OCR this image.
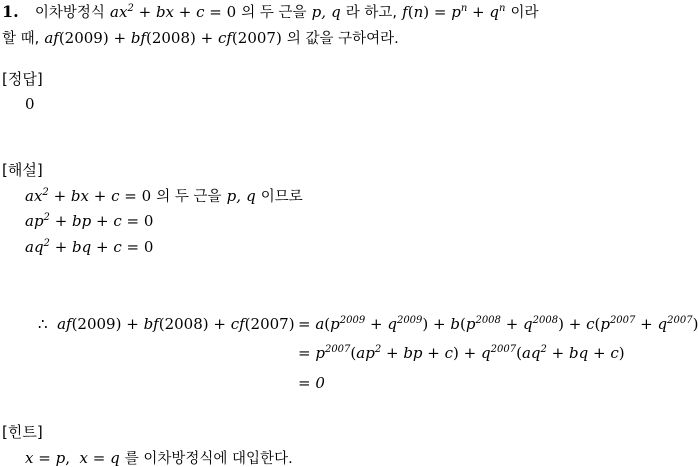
1. 이차방정식 $ax^2$ + bx + c = 0 의 두 근을 p, q 라 하고, $f(n) = p^n + q^n$ 이라
할 때, af(2009) + bf(2008) + cf(2007) 의 값을 구하여라.
[정답]
0
[해설]
$ax^2$ + bx + c = 0 의 두 근을 p, q 이므로
$ap^2$ + bp + c = 0
$aq^2$ + bq + c = 0
∴  $af(2009) + bf(2008) + cf(2007) = a(p^{2009} + q^{2009}) + b(p^{2008} + q^{2008}) + c(p^{2007} + q^{2007})$
= $p^{2007}(ap^2$ + bp + $c) + q^{2007}(aq^2$ + bq + c)
= 0
[힌트]
x = p,  x = q 를 이차방정식에 대입한다.
